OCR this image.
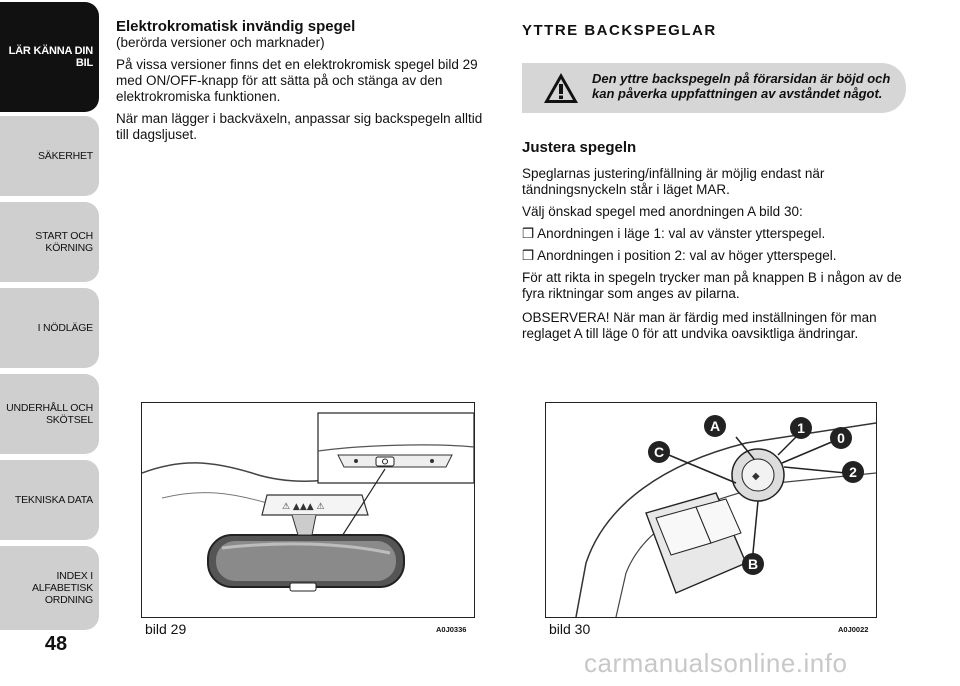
LÄR KÄNNA DIN
BIL
SÄKERHET
START OCH
KÖRNING
I NÖDLÄGE
UNDERHÅLL OCH
SKÖTSEL
TEKNISKA DATA
INDEX I ALFABETISK
ORDNING
48
Elektrokromatisk invändig spegel

(berörda versioner och marknader)

På vissa versioner finns det en elektrokromisk spegel bild 29 med ON/OFF-knapp för att sätta på och stänga av den elektrokromiska funktionen.

När man lägger i backväxeln, anpassar sig backspegeln alltid till dagsljuset.

YTTRE BACKSPEGLAR
Den yttre backspegeln på förarsidan är böjd och kan påverka uppfattningen av avståndet något.
Justera spegeln

Speglarnas justering/infällning är möjlig endast när tändningsnyckeln står i läget MAR.

Välj önskad spegel med anordningen A bild 30:

❒ Anordningen i läge 1: val av vänster ytterspegel.

❒ Anordningen i position 2: val av höger ytterspegel.

För att rikta in spegeln trycker man på knappen B i någon av de fyra riktningar som anges av pilarna.

OBSERVERA! När man är färdig med inställningen för man reglaget A till läge 0 för att undvika oavsiktliga ändringar.

⚠ ▲▲▲ ⚠
bild 29	A0J0336
◆
A	1
0
2
C
B
bild 30	A0J0022
carmanualsonline.info
